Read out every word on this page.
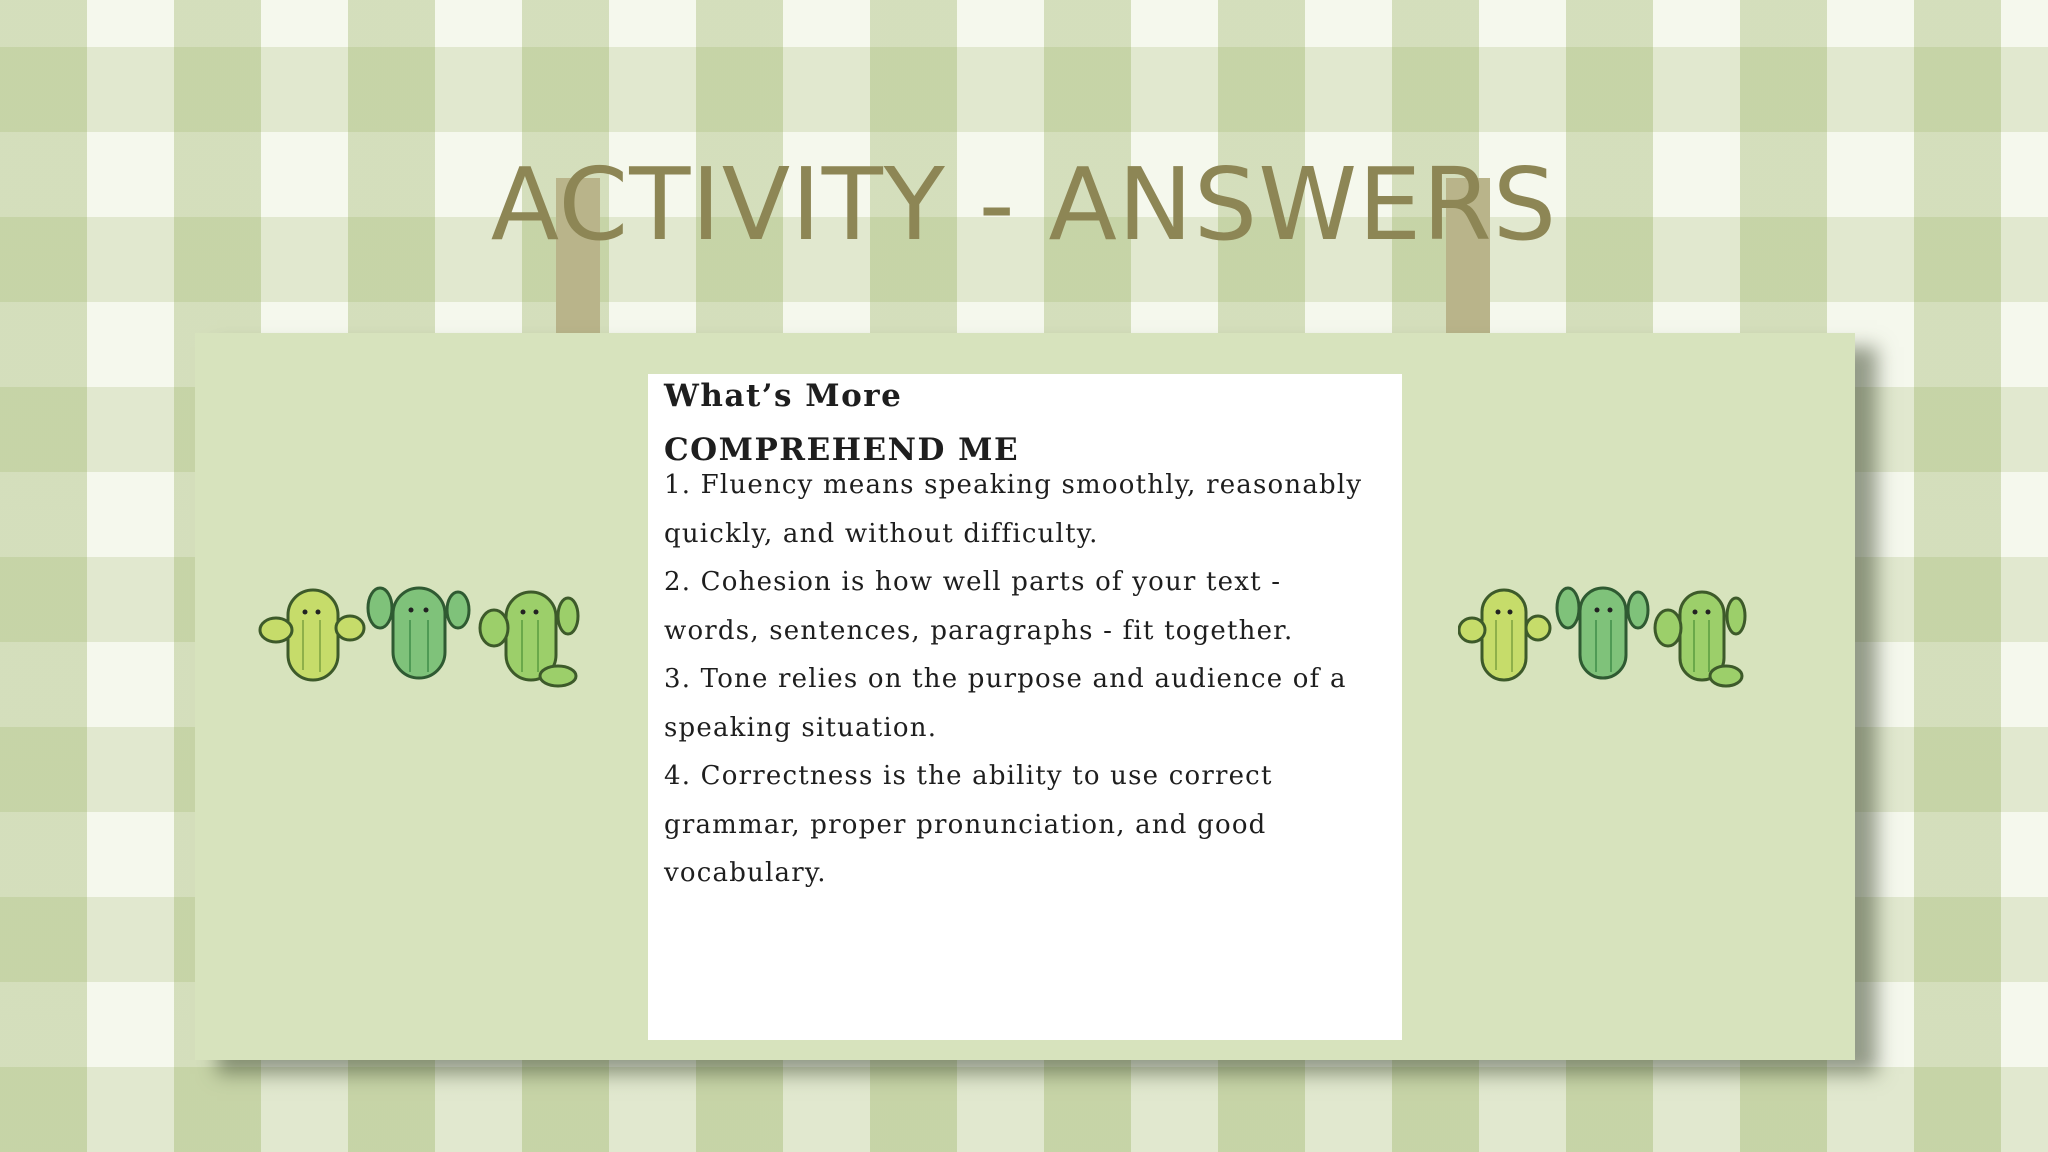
ACTIVITY - ANSWERS

What’s More

COMPREHEND ME

1. Fluency means speaking smoothly, reasonably quickly, and without difficulty.
2. Cohesion is how well parts of your text - words, sentences, paragraphs - fit together.
3. Tone relies on the purpose and audience of a speaking situation.
4. Correctness is the ability to use correct grammar, proper pronunciation, and good vocabulary.
